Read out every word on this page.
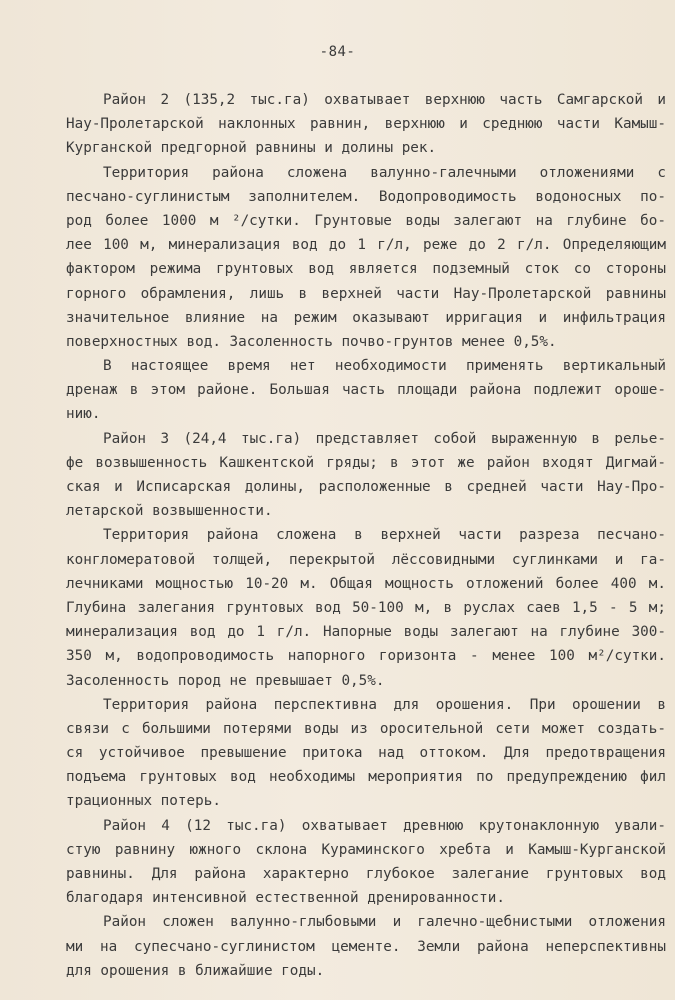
-84-
Район 2 (135,2 тыс.га) охватывает верхнюю часть Самгарской и
Нау-Пролетарской наклонных равнин, верхнюю и среднюю части Камыш-
Курганской предгорной равнины и долины рек.
Территория района сложена валунно-галечными отложениями с
песчано-суглинистым заполнителем. Водопроводимость водоносных по-
род более 1000 м ²/сутки. Грунтовые воды залегают на глубине бо-
лее 100 м, минерализация вод до 1 г/л, реже до 2 г/л. Определяющим
фактором режима грунтовых вод является подземный сток со стороны
горного обрамления, лишь в верхней части Нау-Пролетарской равнины
значительное влияние на режим оказывают ирригация и инфильтрация
поверхностных вод. Засоленность почво-грунтов менее 0,5%.
В настоящее время нет необходимости применять вертикальный
дренаж в этом районе. Большая часть площади района подлежит ороше-
нию.
Район 3 (24,4 тыс.га) представляет собой выраженную в релье-
фе возвышенность Кашкентской гряды; в этот же район входят Дигмай-
ская и Исписарская долины, расположенные в средней части Нау-Про-
летарской возвышенности.
Территория района сложена в верхней части разреза песчано-
конгломератовой толщей, перекрытой лёссовидными суглинками и га-
лечниками мощностью 10-20 м. Общая мощность отложений более 400 м.
Глубина залегания грунтовых вод 50-100 м, в руслах саев 1,5 - 5 м;
минерализация вод до 1 г/л. Напорные воды залегают на глубине 300-
350 м, водопроводимость напорного горизонта - менее 100 м²/сутки.
Засоленность пород не превышает 0,5%.
Территория района перспективна для орошения. При орошении в
связи с большими потерями воды из оросительной сети может создать-
ся устойчивое превышение притока над оттоком. Для предотвращения
подъема грунтовых вод необходимы мероприятия по предупреждению фил
трационных потерь.
Район 4 (12 тыс.га) охватывает древнюю крутонаклонную ували-
стую равнину южного склона Кураминского хребта и Камыш-Курганской
равнины. Для района характерно глубокое залегание грунтовых вод
благодаря интенсивной естественной дренированности.
Район сложен валунно-глыбовыми и галечно-щебнистыми отложения
ми на супесчано-суглинистом цементе. Земли района неперспективны
для орошения в ближайшие годы.
